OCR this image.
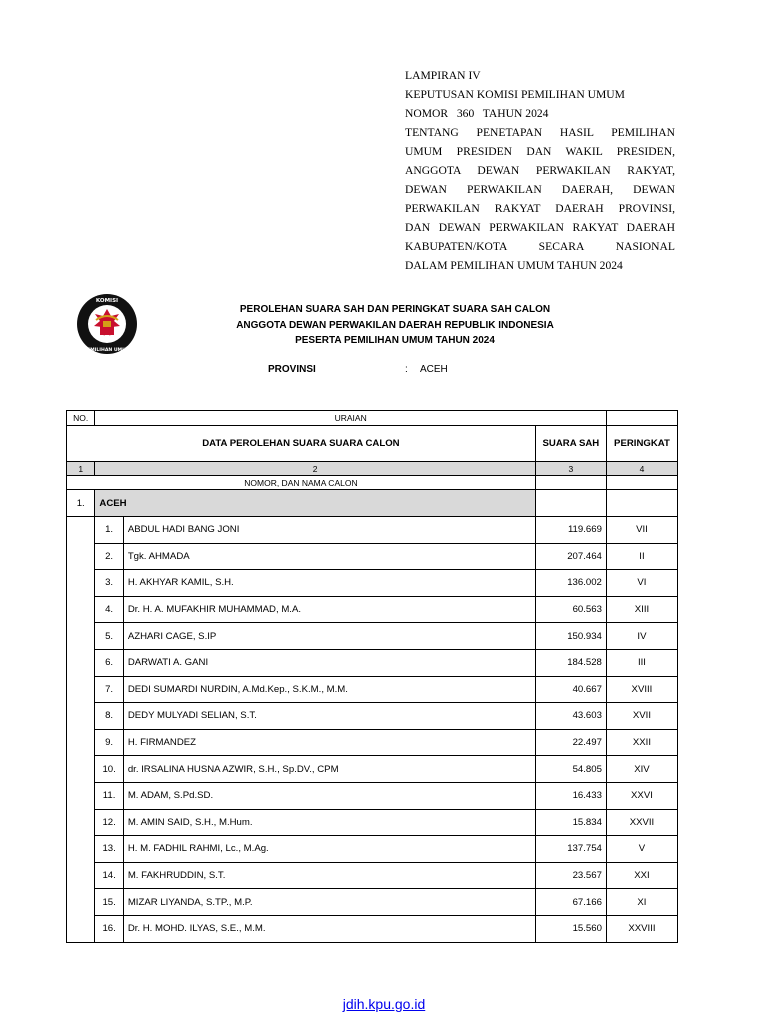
LAMPIRAN IV
KEPUTUSAN KOMISI PEMILIHAN UMUM
NOMOR   360   TAHUN 2024
TENTANG PENETAPAN HASIL PEMILIHAN
UMUM PRESIDEN DAN WAKIL PRESIDEN,
ANGGOTA DEWAN PERWAKILAN RAKYAT,
DEWAN PERWAKILAN DAERAH, DEWAN
PERWAKILAN RAKYAT DAERAH PROVINSI,
DAN DEWAN PERWAKILAN RAKYAT DAERAH
KABUPATEN/KOTA SECARA NASIONAL
DALAM PEMILIHAN UMUM TAHUN 2024
KOMISI
PEMILIHAN UMUM
PEROLEHAN SUARA SAH DAN PERINGKAT SUARA SAH CALON
ANGGOTA DEWAN PERWAKILAN DAERAH REPUBLIK INDONESIA
PESERTA PEMILIHAN UMUM TAHUN 2024
PROVINSI	: ACEH
NO.	URAIAN			
DATA PEROLEHAN SUARA SUARA CALON			SUARA SAH	PERINGKAT
1	2		3	4
NOMOR, DAN NAMA CALON				
1.	ACEH			
	1.	ABDUL HADI BANG JONI	119.669	VII
	2.	Tgk. AHMADA	207.464	II
	3.	H. AKHYAR KAMIL, S.H.	136.002	VI
	4.	Dr. H. A. MUFAKHIR MUHAMMAD, M.A.	60.563	XIII
	5.	AZHARI CAGE, S.IP	150.934	IV
	6.	DARWATI A. GANI	184.528	III
	7.	DEDI SUMARDI NURDIN, A.Md.Kep., S.K.M., M.M.	40.667	XVIII
	8.	DEDY MULYADI SELIAN, S.T.	43.603	XVII
	9.	H. FIRMANDEZ	22.497	XXII
	10.	dr. IRSALINA HUSNA AZWIR, S.H., Sp.DV., CPM	54.805	XIV
	11.	M. ADAM, S.Pd.SD.	16.433	XXVI
	12.	M. AMIN SAID, S.H., M.Hum.	15.834	XXVII
	13.	H. M. FADHIL RAHMI, Lc., M.Ag.	137.754	V
	14.	M. FAKHRUDDIN, S.T.	23.567	XXI
	15.	MIZAR LIYANDA, S.TP., M.P.	67.166	XI
	16.	Dr. H. MOHD. ILYAS, S.E., M.M.	15.560	XXVIII
jdih.kpu.go.id
